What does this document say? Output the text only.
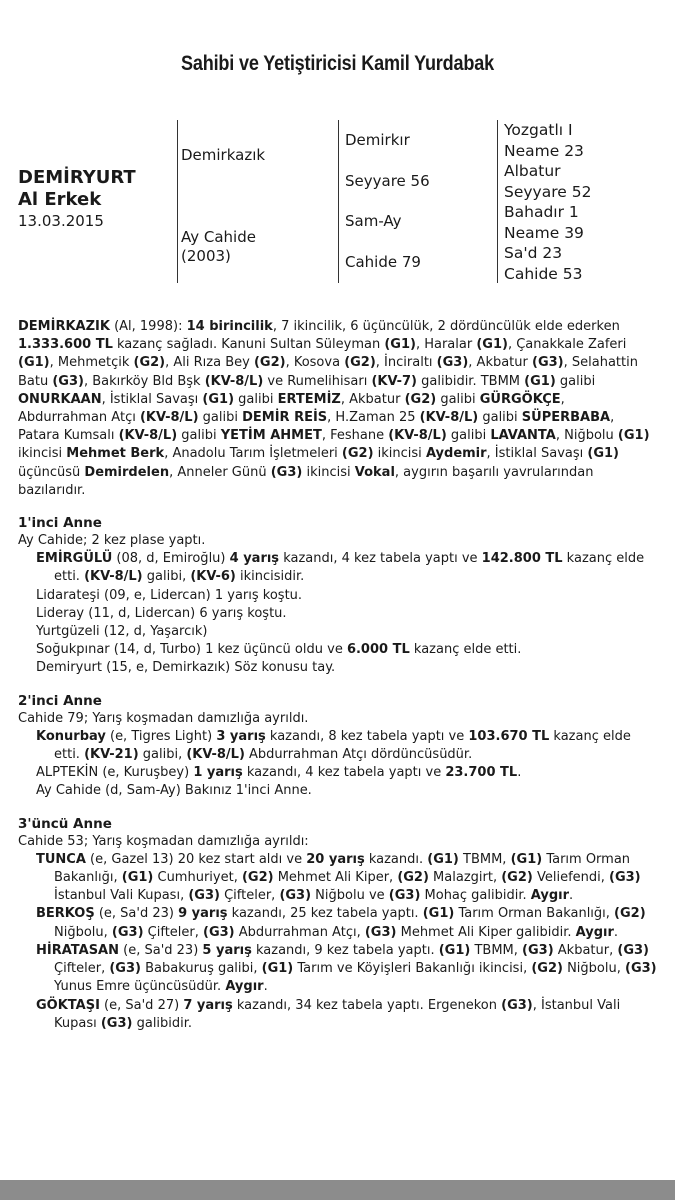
Sahibi ve Yetiştiricisi Kamil Yurdabak
DEMİRYURT
Al Erkek
13.03.2015
Demirkazık
Ay Cahide
(2003)
Demirkır
Seyyare 56
Sam-Ay
Cahide 79
Yozgatlı I
Neame 23
Albatur
Seyyare 52
Bahadır 1
Neame 39
Sa'd 23
Cahide 53

DEMİRKAZIK (Al, 1998): 14 birincilik, 7 ikincilik, 6 üçüncülük, 2 dördüncülük elde ederken 1.333.600 TL kazanç sağladı. Kanuni Sultan Süleyman (G1), Haralar (G1), Çanakkale Zaferi (G1), Mehmetçik (G2), Ali Rıza Bey (G2), Kosova (G2), İnciraltı (G3), Akbatur (G3), Selahattin Batu (G3), Bakırköy Bld Bşk (KV-8/L) ve Rumelihisarı (KV-7) galibidir. TBMM (G1) galibi ONURKAAN, İstiklal Savaşı (G1) galibi ERTEMİZ, Akbatur (G2) galibi GÜRGÖKÇE, Abdurrahman Atçı (KV-8/L) galibi DEMİR REİS, H.Zaman 25 (KV-8/L) galibi SÜPERBABA, Patara Kumsalı (KV-8/L) galibi YETİM AHMET, Feshane (KV-8/L) galibi LAVANTA, Niğbolu (G1) ikincisi Mehmet Berk, Anadolu Tarım İşletmeleri (G2) ikincisi Aydemir, İstiklal Savaşı (G1) üçüncüsü Demirdelen, Anneler Günü (G3) ikincisi Vokal, aygırın başarılı yavrularından bazılarıdır.

1'inci Anne
Ay Cahide; 2 kez plase yaptı.
EMİRGÜLÜ (08, d, Emiroğlu) 4 yarış kazandı, 4 kez tabela yaptı ve 142.800 TL kazanç elde etti. (KV-8/L) galibi, (KV-6) ikincisidir.
Lidarateşi (09, e, Lidercan) 1 yarış koştu.
Lideray (11, d, Lidercan) 6 yarış koştu.
Yurtgüzeli (12, d, Yaşarcık)
Soğukpınar (14, d, Turbo) 1 kez üçüncü oldu ve 6.000 TL kazanç elde etti.
Demiryurt (15, e, Demirkazık) Söz konusu tay.
2'inci Anne
Cahide 79; Yarış koşmadan damızlığa ayrıldı.
Konurbay (e, Tigres Light) 3 yarış kazandı, 8 kez tabela yaptı ve 103.670 TL kazanç elde etti. (KV-21) galibi, (KV-8/L) Abdurrahman Atçı dördüncüsüdür.
ALPTEKİN (e, Kuruşbey) 1 yarış kazandı, 4 kez tabela yaptı ve 23.700 TL.
Ay Cahide (d, Sam-Ay) Bakınız 1'inci Anne.
3'üncü Anne
Cahide 53; Yarış koşmadan damızlığa ayrıldı:
TUNCA (e, Gazel 13) 20 kez start aldı ve 20 yarış kazandı. (G1) TBMM, (G1) Tarım Orman Bakanlığı, (G1) Cumhuriyet, (G2) Mehmet Ali Kiper, (G2) Malazgirt, (G2) Veliefendi, (G3) İstanbul Vali Kupası, (G3) Çifteler, (G3) Niğbolu ve (G3) Mohaç galibidir. Aygır.
BERKOŞ (e, Sa'd 23) 9 yarış kazandı, 25 kez tabela yaptı. (G1) Tarım Orman Bakanlığı, (G2) Niğbolu, (G3) Çifteler, (G3) Abdurrahman Atçı, (G3) Mehmet Ali Kiper galibidir. Aygır.
HİRATASAN (e, Sa'd 23) 5 yarış kazandı, 9 kez tabela yaptı. (G1) TBMM, (G3) Akbatur, (G3) Çifteler, (G3) Babakuruş galibi, (G1) Tarım ve Köyişleri Bakanlığı ikincisi, (G2) Niğbolu, (G3) Yunus Emre üçüncüsüdür. Aygır.
GÖKTAŞI (e, Sa'd 27) 7 yarış kazandı, 34 kez tabela yaptı. Ergenekon (G3), İstanbul Vali Kupası (G3) galibidir.
